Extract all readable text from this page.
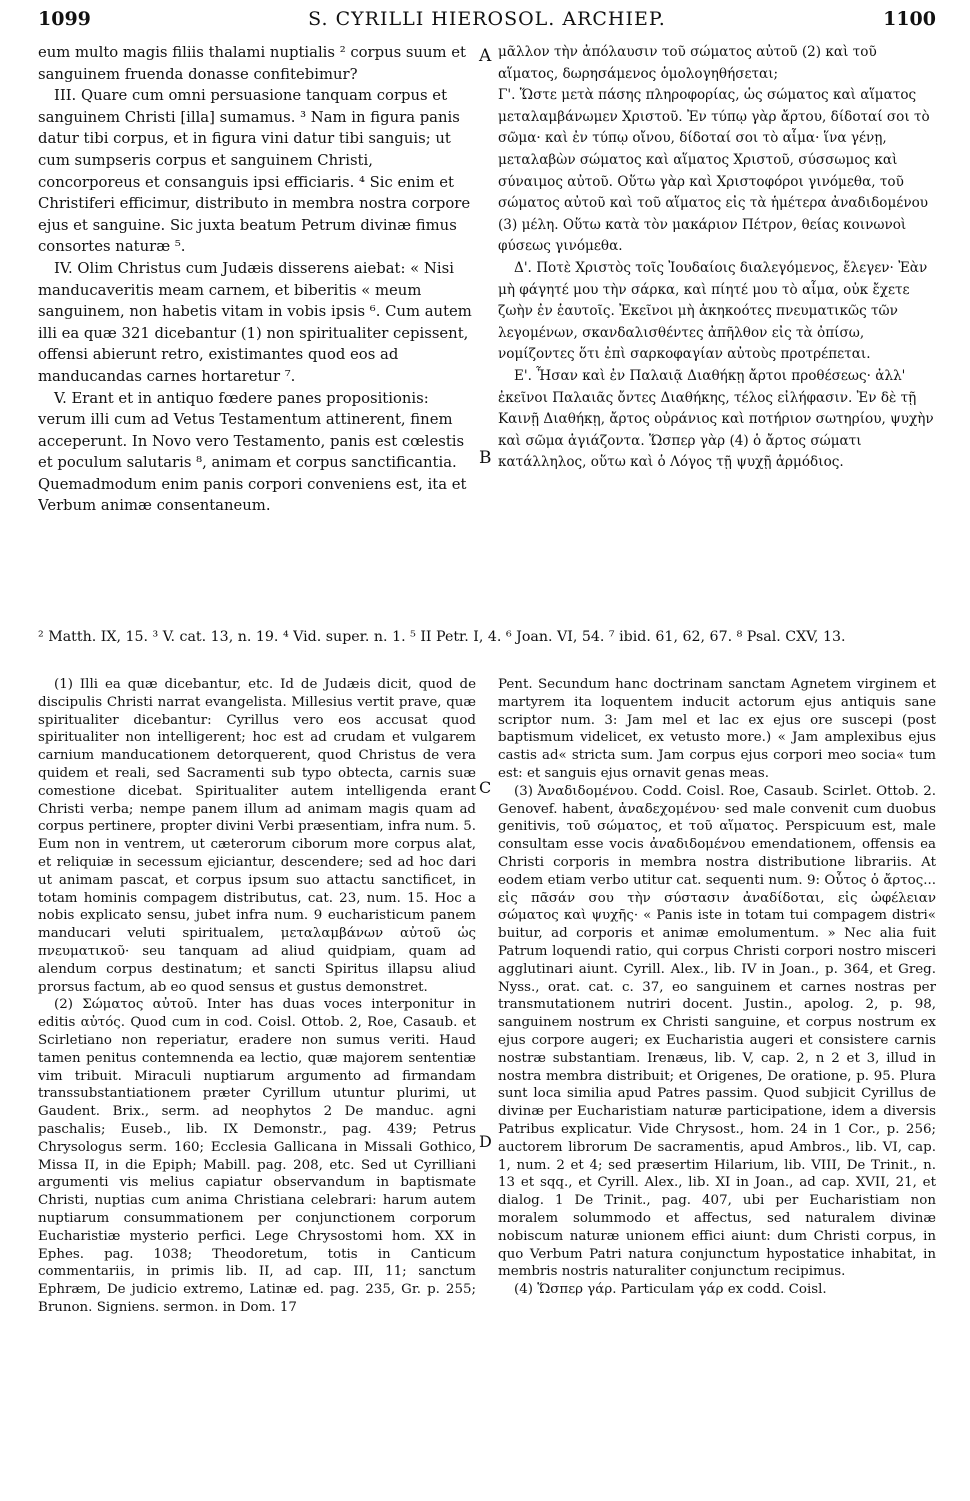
1099	S. CYRILLI HIEROSOL. ARCHIEP.	1100

eum multo magis filiis thalami nuptialis ² corpus suum et sanguinem fruenda donasse confitebimur?

III. Quare cum omni persuasione tanquam corpus et sanguinem Christi [illa] sumamus. ³ Nam in figura panis datur tibi corpus, et in figura vini datur tibi sanguis; ut cum sumpseris corpus et sanguinem Christi, concorporeus et consanguis ipsi efficiaris. ⁴ Sic enim et Christiferi efficimur, distributo in membra nostra corpore ejus et sanguine. Sic juxta beatum Petrum divinæ fimus consortes naturæ ⁵.

IV. Olim Christus cum Judæis disserens aiebat: « Nisi manducaveritis meam carnem, et biberitis « meum sanguinem, non habetis vitam in vobis ipsis ⁶. Cum autem illi ea quæ 321 dicebantur (1) non spiritualiter cepissent, offensi abierunt retro, existimantes quod eos ad manducandas carnes hortaretur ⁷.

V. Erant et in antiquo fœdere panes propositionis: verum illi cum ad Vetus Testamentum attinerent, finem acceperunt. In Novo vero Testamento, panis est cœlestis et poculum salutaris ⁸, animam et corpus sanctificantia. Quemadmodum enim panis corpori conveniens est, ita et Verbum animæ consentaneum.

A
B

μᾶλλον τὴν ἀπόλαυσιν τοῦ σώματος αὐτοῦ (2) καὶ τοῦ αἵματος, δωρησάμενος ὁμολογηθήσεται;

Γ'. Ὥστε μετὰ πάσης πληροφορίας, ὡς σώματος καὶ αἵματος μεταλαμβάνωμεν Χριστοῦ. Ἐν τύπῳ γὰρ ἄρτου, δίδοταί σοι τὸ σῶμα· καὶ ἐν τύπῳ οἴνου, δίδοταί σοι τὸ αἷμα· ἵνα γένῃ, μεταλαβὼν σώματος καὶ αἵματος Χριστοῦ, σύσσωμος καὶ σύναιμος αὐτοῦ. Οὕτω γὰρ καὶ Χριστοφόροι γινόμεθα, τοῦ σώματος αὐτοῦ καὶ τοῦ αἵματος εἰς τὰ ἡμέτερα ἀναδιδομένου (3) μέλη. Οὕτω κατὰ τὸν μακάριον Πέτρον, θείας κοινωνοὶ φύσεως γινόμεθα.

Δ'. Ποτὲ Χριστὸς τοῖς Ἰουδαίοις διαλεγόμενος, ἔλεγεν· Ἐὰν μὴ φάγητέ μου τὴν σάρκα, καὶ πίητέ μου τὸ αἷμα, οὐκ ἔχετε ζωὴν ἐν ἑαυτοῖς. Ἐκεῖνοι μὴ ἀκηκοότες πνευματικῶς τῶν λεγομένων, σκανδαλισθέντες ἀπῆλθον εἰς τὰ ὀπίσω, νομίζοντες ὅτι ἐπὶ σαρκοφαγίαν αὐτοὺς προτρέπεται.

Ε'. Ἦσαν καὶ ἐν Παλαιᾷ Διαθήκῃ ἄρτοι προθέσεως· ἀλλ' ἐκεῖνοι Παλαιᾶς ὄντες Διαθήκης, τέλος εἰλήφασιν. Ἐν δὲ τῇ Καινῇ Διαθήκῃ, ἄρτος οὐράνιος καὶ ποτήριον σωτηρίου, ψυχὴν καὶ σῶμα ἁγιάζοντα. Ὥσπερ γὰρ (4) ὁ ἄρτος σώματι κατάλληλος, οὕτω καὶ ὁ Λόγος τῇ ψυχῇ ἁρμόδιος.

² Matth. IX, 15. ³ V. cat. 13, n. 19. ⁴ Vid. super. n. 1. ⁵ II Petr. I, 4. ⁶ Joan. VI, 54. ⁷ ibid. 61, 62, 67. ⁸ Psal. CXV, 13.

(1) Illi ea quæ dicebantur, etc. Id de Judæis dicit, quod de discipulis Christi narrat evangelista. Millesius vertit prave, quæ spiritualiter dicebantur: Cyrillus vero eos accusat quod spiritualiter non intelligerent; hoc est ad crudam et vulgarem carnium manducationem detorquerent, quod Christus de vera quidem et reali, sed Sacramenti sub typo obtecta, carnis suæ comestione dicebat. Spiritualiter autem intelligenda erant Christi verba; nempe panem illum ad animam magis quam ad corpus pertinere, propter divini Verbi præsentiam, infra num. 5. Eum non in ventrem, ut cæterorum ciborum more corpus alat, et reliquiæ in secessum ejiciantur, descendere; sed ad hoc dari ut animam pascat, et corpus ipsum suo attactu sanctificet, in totam hominis compagem distributus, cat. 23, num. 15. Hoc a nobis explicato sensu, jubet infra num. 9 eucharisticum panem manducari veluti spiritualem, μεταλαμβάνων αὐτοῦ ὡς πνευματικοῦ· seu tanquam ad aliud quidpiam, quam ad alendum corpus destinatum; et sancti Spiritus illapsu aliud prorsus factum, ab eo quod sensus et gustus demonstret.

(2) Σώματος αὐτοῦ. Inter has duas voces interponitur in editis αὐτός. Quod cum in cod. Coisl. Ottob. 2, Roe, Casaub. et Scirletiano non reperiatur, eradere non sumus veriti. Haud tamen penitus contemnenda ea lectio, quæ majorem sententiæ vim tribuit. Miraculi nuptiarum argumento ad firmandam transsubstantiationem præter Cyrillum utuntur plurimi, ut Gaudent. Brix., serm. ad neophytos 2 De manduc. agni paschalis; Euseb., lib. IX Demonstr., pag. 439; Petrus Chrysologus serm. 160; Ecclesia Gallicana in Missali Gothico, Missa II, in die Epiph; Mabill. pag. 208, etc. Sed ut Cyrilliani argumenti vis melius capiatur observandum in baptismate Christi, nuptias cum anima Christiana celebrari: harum autem nuptiarum consummationem per conjunctionem corporum Eucharistiæ mysterio perfici. Lege Chrysostomi hom. XX in Ephes. pag. 1038; Theodoretum, totis in Canticum commentariis, in primis lib. II, ad cap. III, 11; sanctum Ephræm, De judicio extremo, Latinæ ed. pag. 235, Gr. p. 255; Brunon. Signiens. sermon. in Dom. 17

C
D

Pent. Secundum hanc doctrinam sanctam Agnetem virginem et martyrem ita loquentem inducit actorum ejus antiquis sane scriptor num. 3: Jam mel et lac ex ejus ore suscepi (post baptismum videlicet, ex vetusto more.) « Jam amplexibus ejus castis ad« stricta sum. Jam corpus ejus corpori meo socia« tum est: et sanguis ejus ornavit genas meas.

(3) Ἀναδιδομένου. Codd. Coisl. Roe, Casaub. Scirlet. Ottob. 2. Genovef. habent, ἀναδεχομένου· sed male convenit cum duobus genitivis, τοῦ σώματος, et τοῦ αἵματος. Perspicuum est, male consultam esse vocis ἀναδιδομένου emendationem, offensis ea Christi corporis in membra nostra distributione librariis. At eodem etiam verbo utitur cat. sequenti num. 9: Οὗτος ὁ ἄρτος... εἰς πᾶσάν σου τὴν σύστασιν ἀναδίδοται, εἰς ὠφέλειαν σώματος καὶ ψυχῆς· « Panis iste in totam tui compagem distri« buitur, ad corporis et animæ emolumentum. » Nec alia fuit Patrum loquendi ratio, qui corpus Christi corpori nostro misceri agglutinari aiunt. Cyrill. Alex., lib. IV in Joan., p. 364, et Greg. Nyss., orat. cat. c. 37, eo sanguinem et carnes nostras per transmutationem nutriri docent. Justin., apolog. 2, p. 98, sanguinem nostrum ex Christi sanguine, et corpus nostrum ex ejus corpore augeri; ex Eucharistia augeri et consistere carnis nostræ substantiam. Irenæus, lib. V, cap. 2, n 2 et 3, illud in nostra membra distribuit; et Origenes, De oratione, p. 95. Plura sunt loca similia apud Patres passim. Quod subjicit Cyrillus de divinæ per Eucharistiam naturæ participatione, idem a diversis Patribus explicatur. Vide Chrysost., hom. 24 in 1 Cor., p. 256; auctorem librorum De sacramentis, apud Ambros., lib. VI, cap. 1, num. 2 et 4; sed præsertim Hilarium, lib. VIII, De Trinit., n. 13 et sqq., et Cyrill. Alex., lib. XI in Joan., ad cap. XVII, 21, et dialog. 1 De Trinit., pag. 407, ubi per Eucharistiam non moralem solummodo et affectus, sed naturalem divinæ nobiscum naturæ unionem effici aiunt: dum Christi corpus, in quo Verbum Patri natura conjunctum hypostatice inhabitat, in membris nostris naturaliter conjunctum recipimus.

(4) Ὥσπερ γάρ. Particulam γάρ ex codd. Coisl.
